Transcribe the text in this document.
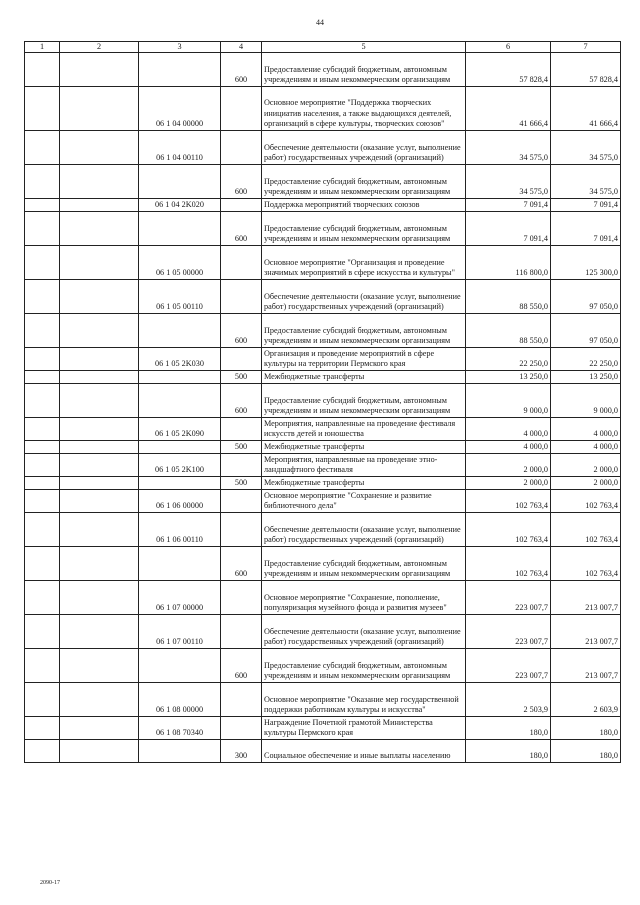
44
1	2	3	4	5	6	7
			600	Предоставление субсидий бюджетным, автономным учреждениям и иным некоммерческим организациям	57 828,4	57 828,4
		06 1 04 00000		Основное мероприятие "Поддержка творческих инициатив населения, а также выдающихся деятелей, организаций в сфере культуры, творческих союзов"	41 666,4	41 666,4
		06 1 04 00110		Обеспечение деятельности (оказание услуг, выполнение работ) государственных учреждений (организаций)	34 575,0	34 575,0
			600	Предоставление субсидий бюджетным, автономным учреждениям и иным некоммерческим организациям	34 575,0	34 575,0
		06 1 04 2K020		Поддержка мероприятий творческих союзов	7 091,4	7 091,4
			600	Предоставление субсидий бюджетным, автономным учреждениям и иным некоммерческим организациям	7 091,4	7 091,4
		06 1 05 00000		Основное мероприятие "Организация и проведение значимых мероприятий в сфере искусства и культуры"	116 800,0	125 300,0
		06 1 05 00110		Обеспечение деятельности (оказание услуг, выполнение работ) государственных учреждений (организаций)	88 550,0	97 050,0
			600	Предоставление субсидий бюджетным, автономным учреждениям и иным некоммерческим организациям	88 550,0	97 050,0
		06 1 05 2K030		Организация и проведение мероприятий в сфере культуры на территории Пермского края	22 250,0	22 250,0
			500	Межбюджетные трансферты	13 250,0	13 250,0
			600	Предоставление субсидий бюджетным, автономным учреждениям и иным некоммерческим организациям	9 000,0	9 000,0
		06 1 05 2K090		Мероприятия, направленные на проведение фестиваля искусств детей и юношества	4 000,0	4 000,0
			500	Межбюджетные трансферты	4 000,0	4 000,0
		06 1 05 2K100		Мероприятия, направленные на проведение этно-ландшафтного фестиваля	2 000,0	2 000,0
			500	Межбюджетные трансферты	2 000,0	2 000,0
		06 1 06 00000		Основное мероприятие "Сохранение и развитие библиотечного дела"	102 763,4	102 763,4
		06 1 06 00110		Обеспечение деятельности (оказание услуг, выполнение работ) государственных учреждений (организаций)	102 763,4	102 763,4
			600	Предоставление субсидий бюджетным, автономным учреждениям и иным некоммерческим организациям	102 763,4	102 763,4
		06 1 07 00000		Основное мероприятие "Сохранение, пополнение, популяризация музейного фонда и развития музеев"	223 007,7	213 007,7
		06 1 07 00110		Обеспечение деятельности (оказание услуг, выполнение работ) государственных учреждений (организаций)	223 007,7	213 007,7
			600	Предоставление субсидий бюджетным, автономным учреждениям и иным некоммерческим организациям	223 007,7	213 007,7
		06 1 08 00000		Основное мероприятие "Оказание мер государственной поддержки работникам культуры и искусства"	2 503,9	2 603,9
		06 1 08 70340		Награждение Почетной грамотой Министерства культуры Пермского края	180,0	180,0
			300	Социальное обеспечение и иные выплаты населению	180,0	180,0
2090-17
